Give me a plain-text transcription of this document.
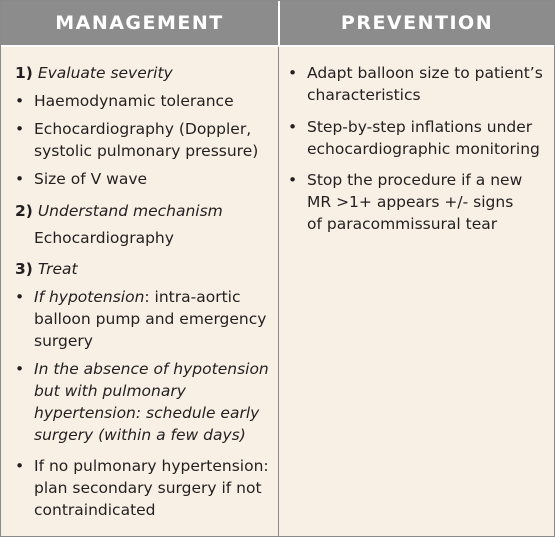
MANAGEMENT	PREVENTION
1) Evaluate severity
• Haemodynamic tolerance
• Echocardiography (Doppler,
systolic pulmonary pressure)
• Size of V wave
2) Understand mechanism
Echocardiography
3) Treat
• If hypotension: intra-aortic
balloon pump and emergency
surgery
• In the absence of hypotension
but with pulmonary
hypertension: schedule early
surgery (within a few days)
• If no pulmonary hypertension:
plan secondary surgery if not
contraindicated
• Adapt balloon size to patient’s
characteristics
• Step-by-step inflations under
echocardiographic monitoring
• Stop the procedure if a new
MR >1+ appears +/- signs
of paracommissural tear
